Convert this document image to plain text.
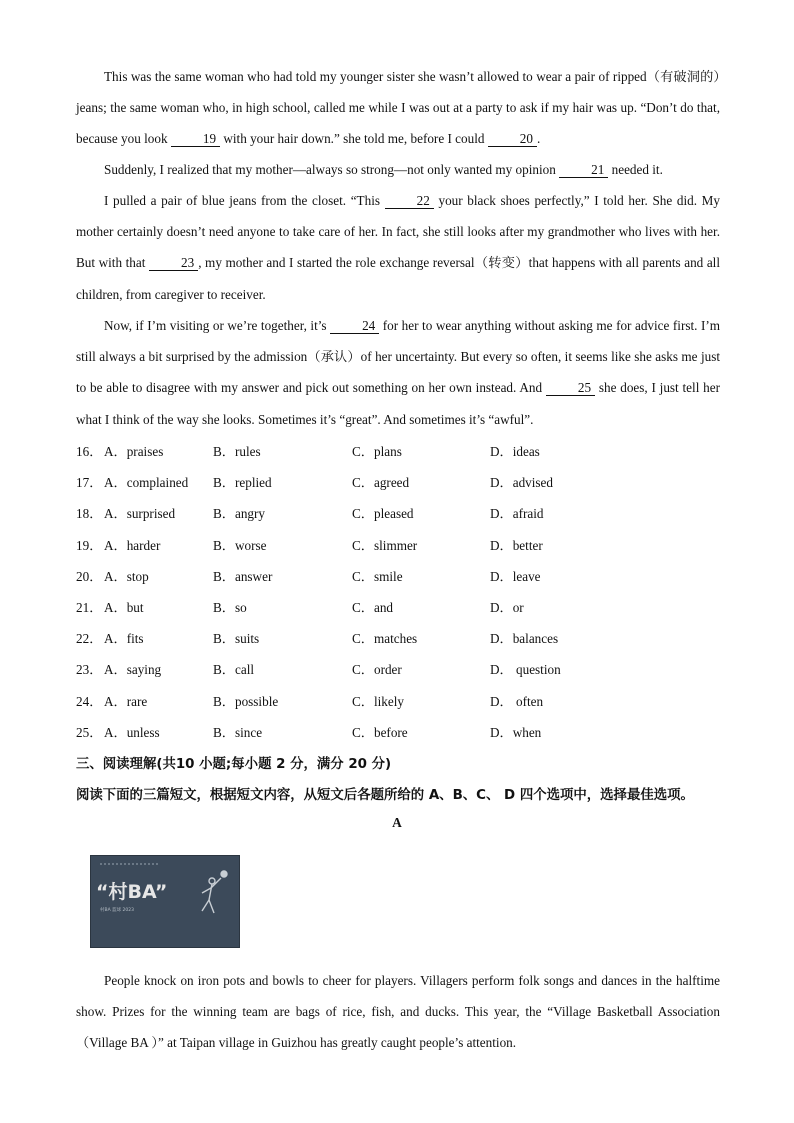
This was the same woman who had told my younger sister she wasn’t allowed to wear a pair of ripped（有破洞的）jeans; the same woman who, in high school, called me while I was out at a party to ask if my hair was up. “Don’t do that, because you look 19 with your hair down.” she told me, before I could 20 .

Suddenly, I realized that my mother—always so strong—not only wanted my opinion 21 needed it.

I pulled a pair of blue jeans from the closet. “This 22 your black shoes perfectly,” I told her. She did. My mother certainly doesn’t need anyone to take care of her. In fact, she still looks after my grandmother who lives with her. But with that 23 , my mother and I started the role exchange reversal（转变）that happens with all parents and all children, from caregiver to receiver.

Now, if I’m visiting or we’re together, it’s 24 for her to wear anything without asking me for advice first. I’m still always a bit surprised by the admission（承认）of her uncertainty. But every so often, it seems like she asks me just to be able to disagree with my answer and pick out something on her own instead. And 25 she does, I just tell her what I think of the way she looks. Sometimes it’s “great”. And sometimes it’s “awful”.

16． A．praises	B．rules	C．plans	D．ideas
17． A．complained B．replied	C．agreed	D．advised
18． A．surprised	B．angry	C．pleased	D．afraid
19． A．harder	B．worse	C．slimmer	D．better
20． A．stop	B．answer	C．smile	D．leave
21． A．but	B．so	C．and	D．or
22． A．fits	B．suits	C．matches	D．balances
23． A．saying	B．call	C．order	D． question
24． A．rare	B．possible	C．likely	D． often
25． A．unless	B．since	C．before	D．when
三、阅读理解(共10 小题;每小题 2 分，满分 20 分)
阅读下面的三篇短文，根据短文内容，从短文后各题所给的 A、B、C、 D 四个选项中，选择最佳选项。
A
“村BA”
村BA 篮球 2023

People knock on iron pots and bowls to cheer for players. Villagers perform folk songs and dances in the halftime show. Prizes for the winning team are bags of rice, fish, and ducks. This year, the “Village Basketball Association （Village BA ）” at Taipan village in Guizhou has greatly caught people’s attention.
